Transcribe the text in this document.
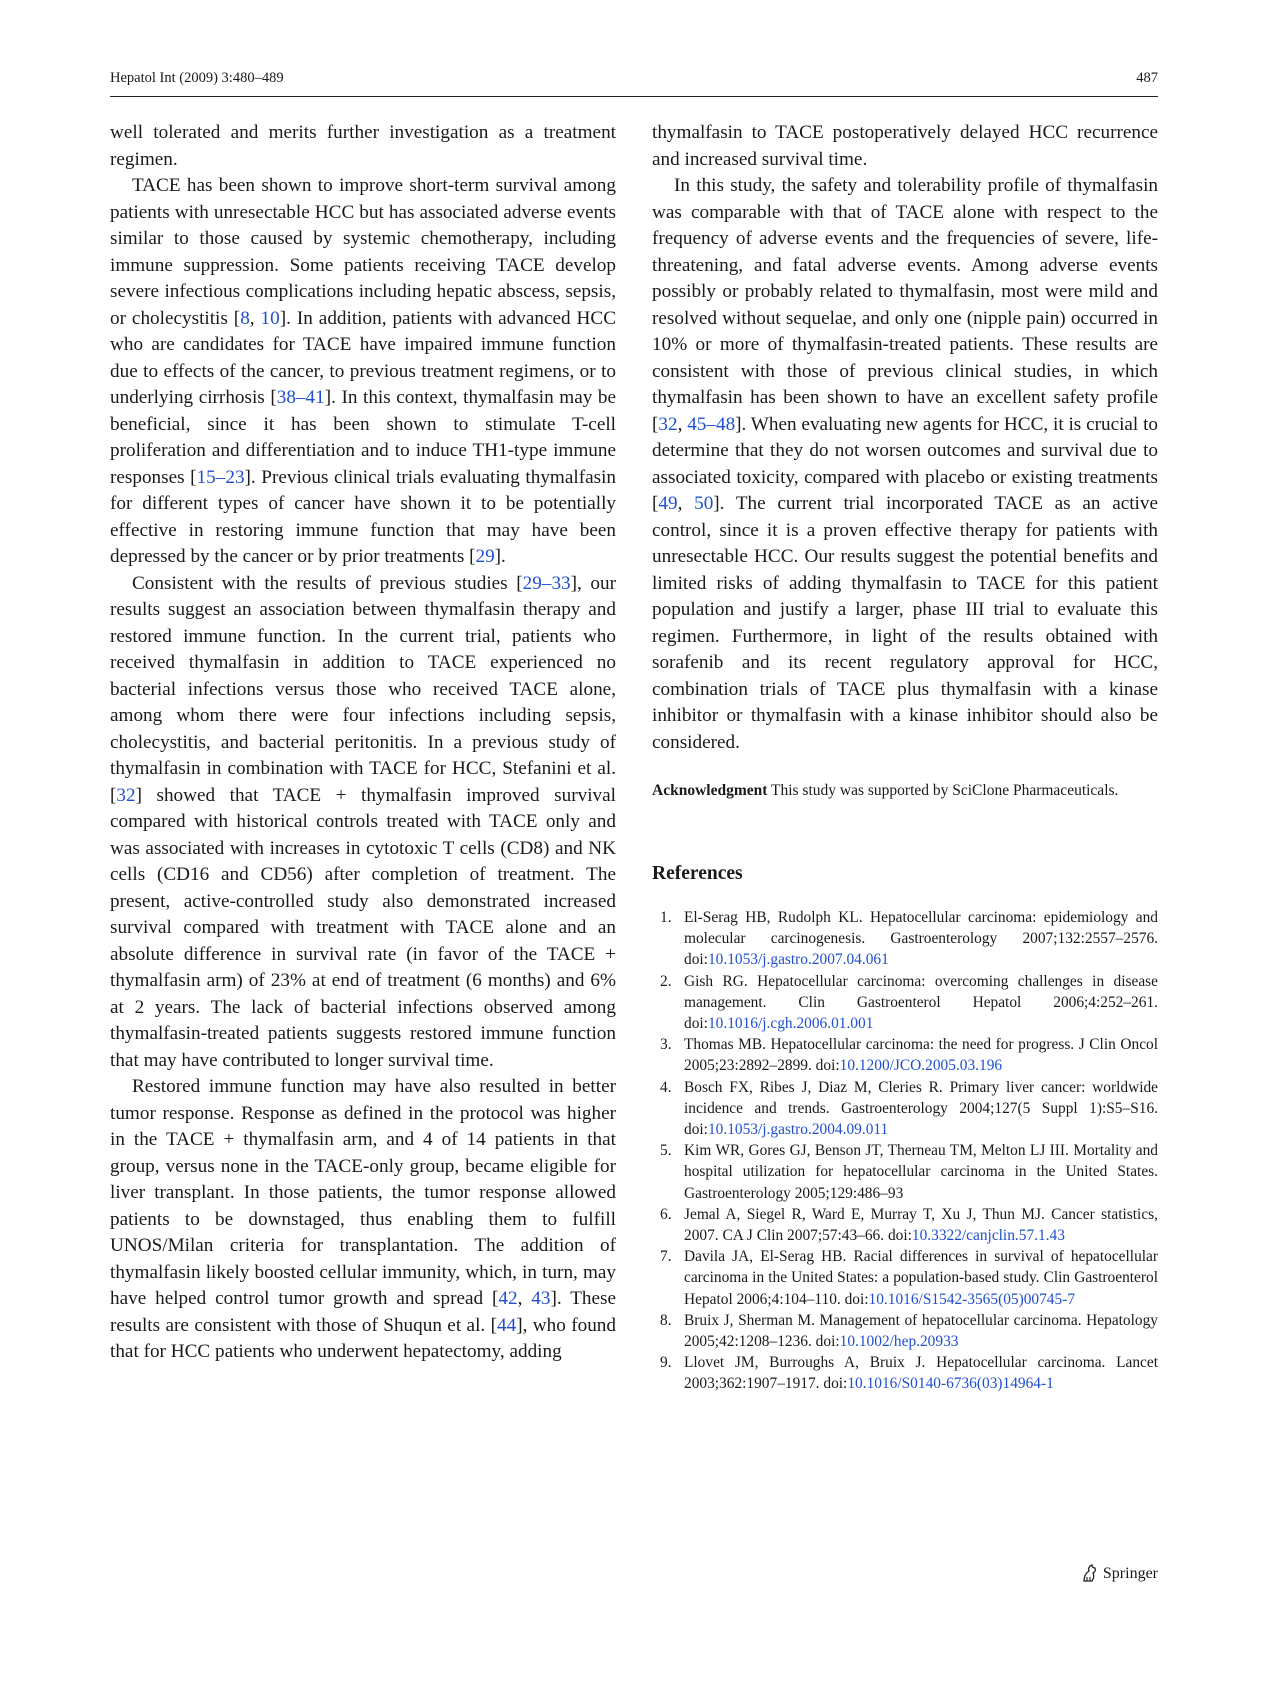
Hepatol Int (2009) 3:480–489	487

well tolerated and merits further investigation as a treatment regimen.

TACE has been shown to improve short-term survival among patients with unresectable HCC but has associated adverse events similar to those caused by systemic chemotherapy, including immune suppression. Some patients receiving TACE develop severe infectious complications including hepatic abscess, sepsis, or cholecystitis [8, 10]. In addition, patients with advanced HCC who are candidates for TACE have impaired immune function due to effects of the cancer, to previous treatment regimens, or to underlying cirrhosis [38–41]. In this context, thymalfasin may be beneficial, since it has been shown to stimulate T-cell proliferation and differentiation and to induce TH1-type immune responses [15–23]. Previous clinical trials evaluating thymalfasin for different types of cancer have shown it to be potentially effective in restoring immune function that may have been depressed by the cancer or by prior treatments [29].

Consistent with the results of previous studies [29–33], our results suggest an association between thymalfasin therapy and restored immune function. In the current trial, patients who received thymalfasin in addition to TACE experienced no bacterial infections versus those who received TACE alone, among whom there were four infections including sepsis, cholecystitis, and bacterial peritonitis. In a previous study of thymalfasin in combination with TACE for HCC, Stefanini et al. [32] showed that TACE + thymalfasin improved survival compared with historical controls treated with TACE only and was associated with increases in cytotoxic T cells (CD8) and NK cells (CD16 and CD56) after completion of treatment. The present, active-controlled study also demonstrated increased survival compared with treatment with TACE alone and an absolute difference in survival rate (in favor of the TACE + thymalfasin arm) of 23% at end of treatment (6 months) and 6% at 2 years. The lack of bacterial infections observed among thymalfasin-treated patients suggests restored immune function that may have contributed to longer survival time.

Restored immune function may have also resulted in better tumor response. Response as defined in the protocol was higher in the TACE + thymalfasin arm, and 4 of 14 patients in that group, versus none in the TACE-only group, became eligible for liver transplant. In those patients, the tumor response allowed patients to be downstaged, thus enabling them to fulfill UNOS/Milan criteria for transplantation. The addition of thymalfasin likely boosted cellular immunity, which, in turn, may have helped control tumor growth and spread [42, 43]. These results are consistent with those of Shuqun et al. [44], who found that for HCC patients who underwent hepatectomy, adding

thymalfasin to TACE postoperatively delayed HCC recurrence and increased survival time.

In this study, the safety and tolerability profile of thymalfasin was comparable with that of TACE alone with respect to the frequency of adverse events and the frequencies of severe, life-threatening, and fatal adverse events. Among adverse events possibly or probably related to thymalfasin, most were mild and resolved without sequelae, and only one (nipple pain) occurred in 10% or more of thymalfasin-treated patients. These results are consistent with those of previous clinical studies, in which thymalfasin has been shown to have an excellent safety profile [32, 45–48]. When evaluating new agents for HCC, it is crucial to determine that they do not worsen outcomes and survival due to associated toxicity, compared with placebo or existing treatments [49, 50]. The current trial incorporated TACE as an active control, since it is a proven effective therapy for patients with unresectable HCC. Our results suggest the potential benefits and limited risks of adding thymalfasin to TACE for this patient population and justify a larger, phase III trial to evaluate this regimen. Furthermore, in light of the results obtained with sorafenib and its recent regulatory approval for HCC, combination trials of TACE plus thymalfasin with a kinase inhibitor or thymalfasin with a kinase inhibitor should also be considered.

Acknowledgment This study was supported by SciClone Pharmaceuticals.

References
1. El-Serag HB, Rudolph KL. Hepatocellular carcinoma: epidemiology and molecular carcinogenesis. Gastroenterology 2007;132:2557–2576. doi:10.1053/j.gastro.2007.04.061
2. Gish RG. Hepatocellular carcinoma: overcoming challenges in disease management. Clin Gastroenterol Hepatol 2006;4:252–261. doi:10.1016/j.cgh.2006.01.001
3. Thomas MB. Hepatocellular carcinoma: the need for progress. J Clin Oncol 2005;23:2892–2899. doi:10.1200/JCO.2005.03.196
4. Bosch FX, Ribes J, Diaz M, Cleries R. Primary liver cancer: worldwide incidence and trends. Gastroenterology 2004;127(5 Suppl 1):S5–S16. doi:10.1053/j.gastro.2004.09.011
5. Kim WR, Gores GJ, Benson JT, Therneau TM, Melton LJ III. Mortality and hospital utilization for hepatocellular carcinoma in the United States. Gastroenterology 2005;129:486–93
6. Jemal A, Siegel R, Ward E, Murray T, Xu J, Thun MJ. Cancer statistics, 2007. CA J Clin 2007;57:43–66. doi:10.3322/canjclin.57.1.43
7. Davila JA, El-Serag HB. Racial differences in survival of hepatocellular carcinoma in the United States: a population-based study. Clin Gastroenterol Hepatol 2006;4:104–110. doi:10.1016/S1542-3565(05)00745-7
8. Bruix J, Sherman M. Management of hepatocellular carcinoma. Hepatology 2005;42:1208–1236. doi:10.1002/hep.20933
9. Llovet JM, Burroughs A, Bruix J. Hepatocellular carcinoma. Lancet 2003;362:1907–1917. doi:10.1016/S0140-6736(03)14964-1
Springer
